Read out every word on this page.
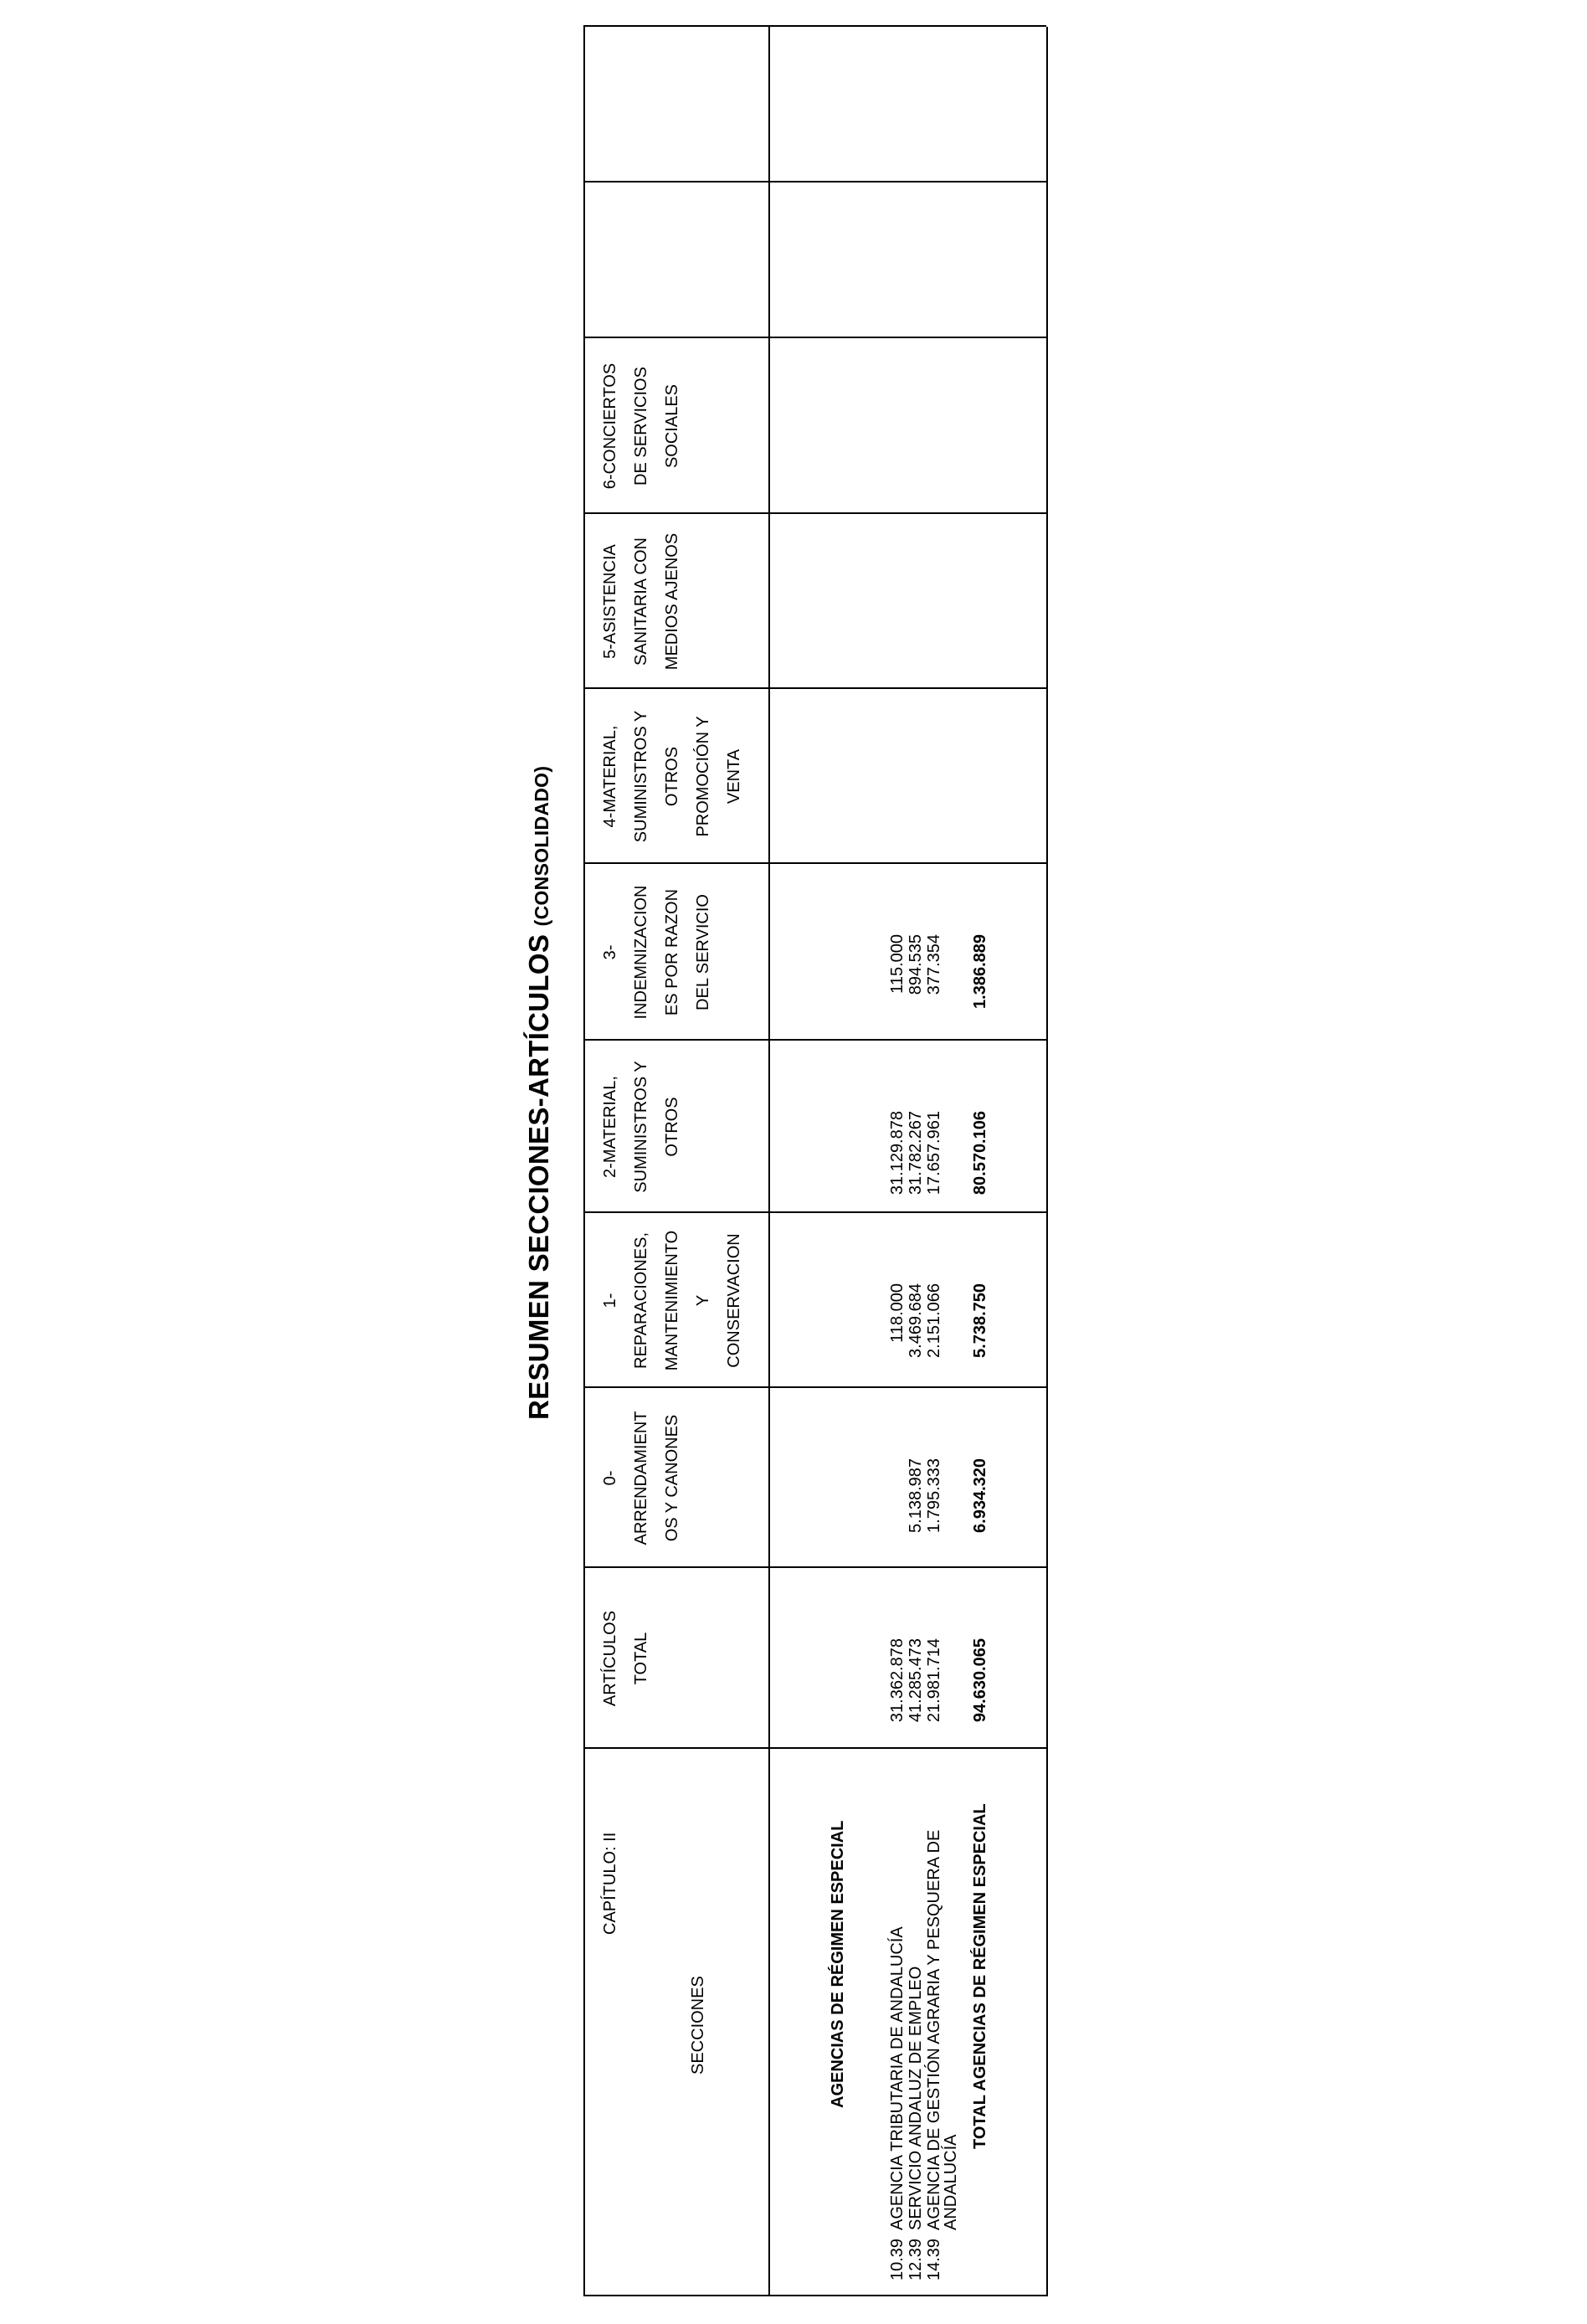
RESUMEN SECCIONES-ARTÍCULOS (CONSOLIDADO)
CAPÍTULO: II
SECCIONES
ARTÍCULOS TOTAL
0- ARRENDAMIENT OS Y CANONES
1- REPARACIONES, MANTENIMIENTO Y CONSERVACION
2-MATERIAL, SUMINISTROS Y OTROS
3- INDEMNIZACION ES POR RAZON DEL SERVICIO
4-MATERIAL, SUMINISTROS Y OTROS PROMOCIÓN Y VENTA
5-ASISTENCIA SANITARIA CON MEDIOS AJENOS
6-CONCIERTOS DE SERVICIOS SOCIALES
AGENCIAS DE RÉGIMEN ESPECIAL
10.39
AGENCIA TRIBUTARIA DE ANDALUCÍA
31.362.878
118.000
31.129.878
115.000
12.39
SERVICIO ANDALUZ DE EMPLEO
41.285.473
5.138.987
3.469.684
31.782.267
894.535
14.39
AGENCIA DE GESTIÓN AGRARIA Y PESQUERA DE
ANDALUCÍA
21.981.714
1.795.333
2.151.066
17.657.961
377.354
TOTAL AGENCIAS DE RÉGIMEN ESPECIAL
94.630.065
6.934.320
5.738.750
80.570.106
1.386.889
